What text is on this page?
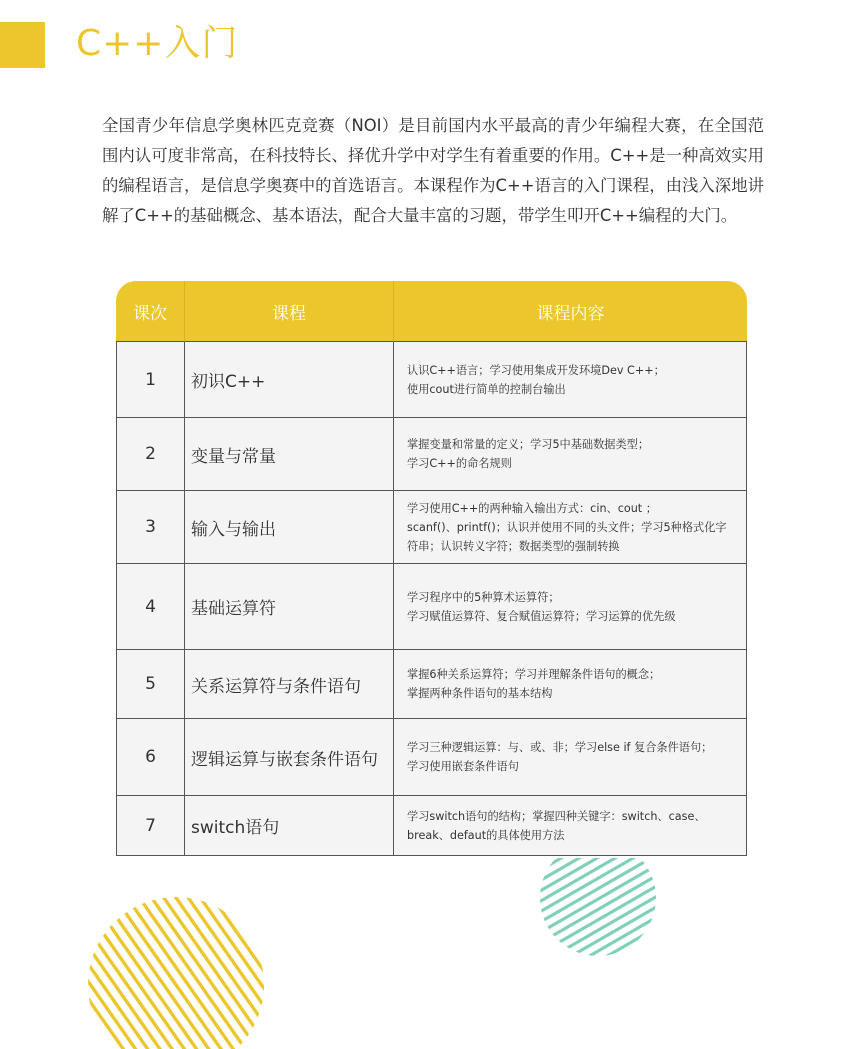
C++入门

全国青少年信息学奥林匹克竞赛（NOI）是目前国内水平最高的青少年编程大赛，在全国范围内认可度非常高，在科技特长、择优升学中对学生有着重要的作用。C++是一种高效实用的编程语言，是信息学奥赛中的首选语言。本课程作为C++语言的入门课程，由浅入深地讲解了C++的基础概念、基本语法，配合大量丰富的习题，带学生叩开C++编程的大门。

课次	课程	课程内容
1	初识C++	认识C++语言；学习使用集成开发环境Dev C++；
使用cout进行简单的控制台输出

2	变量与常量	掌握变量和常量的定义；学习5中基础数据类型；
学习C++的命名规则

3	输入与输出	学习使用C++的两种输入输出方式：cin、cout ；
scanf()、printf()；认识并使用不同的头文件；学习5种格式化字
符串；认识转义字符；数据类型的强制转换

4	基础运算符	学习程序中的5种算术运算符；
学习赋值运算符、复合赋值运算符；学习运算的优先级

5	关系运算符与条件语句	掌握6种关系运算符；学习并理解条件语句的概念；
掌握两种条件语句的基本结构

6	逻辑运算与嵌套条件语句	学习三种逻辑运算：与、或、非；学习else if 复合条件语句；
学习使用嵌套条件语句

7	switch语句	学习switch语句的结构；掌握四种关键字：switch、case、
break、defaut的具体使用方法
